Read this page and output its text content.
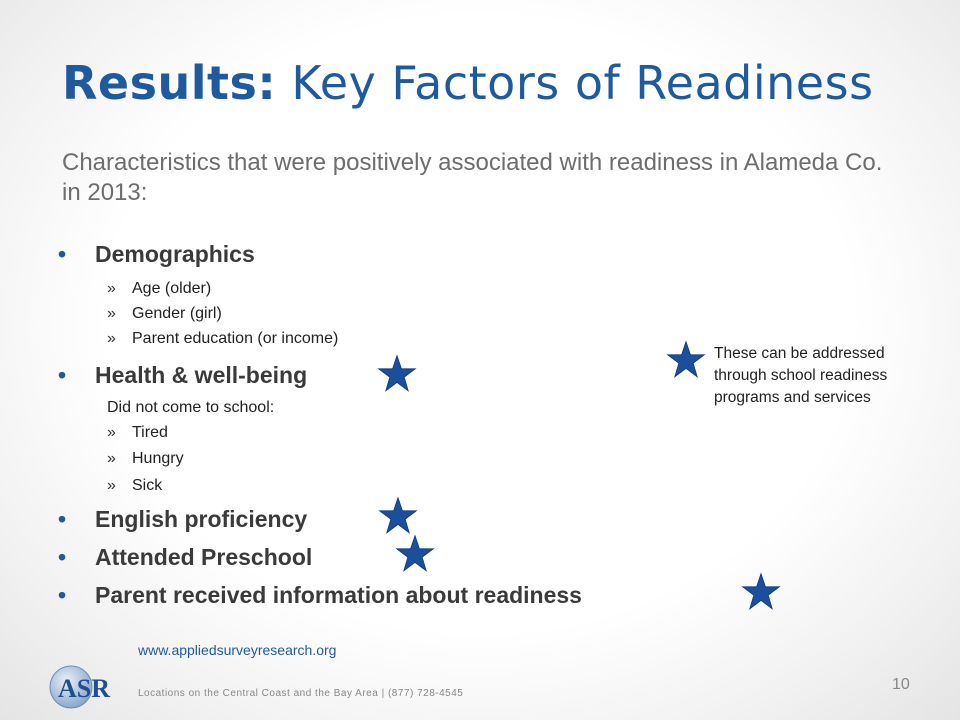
Results: Key Factors of Readiness

Characteristics that were positively associated with readiness in Alameda Co. in 2013:

• Demographics
» Age (older)
» Gender (girl)
» Parent education (or income)
• Health & well-being
Did not come to school:
» Tired
» Hungry
» Sick
• English proficiency
• Attended Preschool
• Parent received information about readiness

These can be addressed through school readiness programs and services

ASR
www.appliedsurveyresearch.org
Locations on the Central Coast and the Bay Area | (877) 728-4545
10
